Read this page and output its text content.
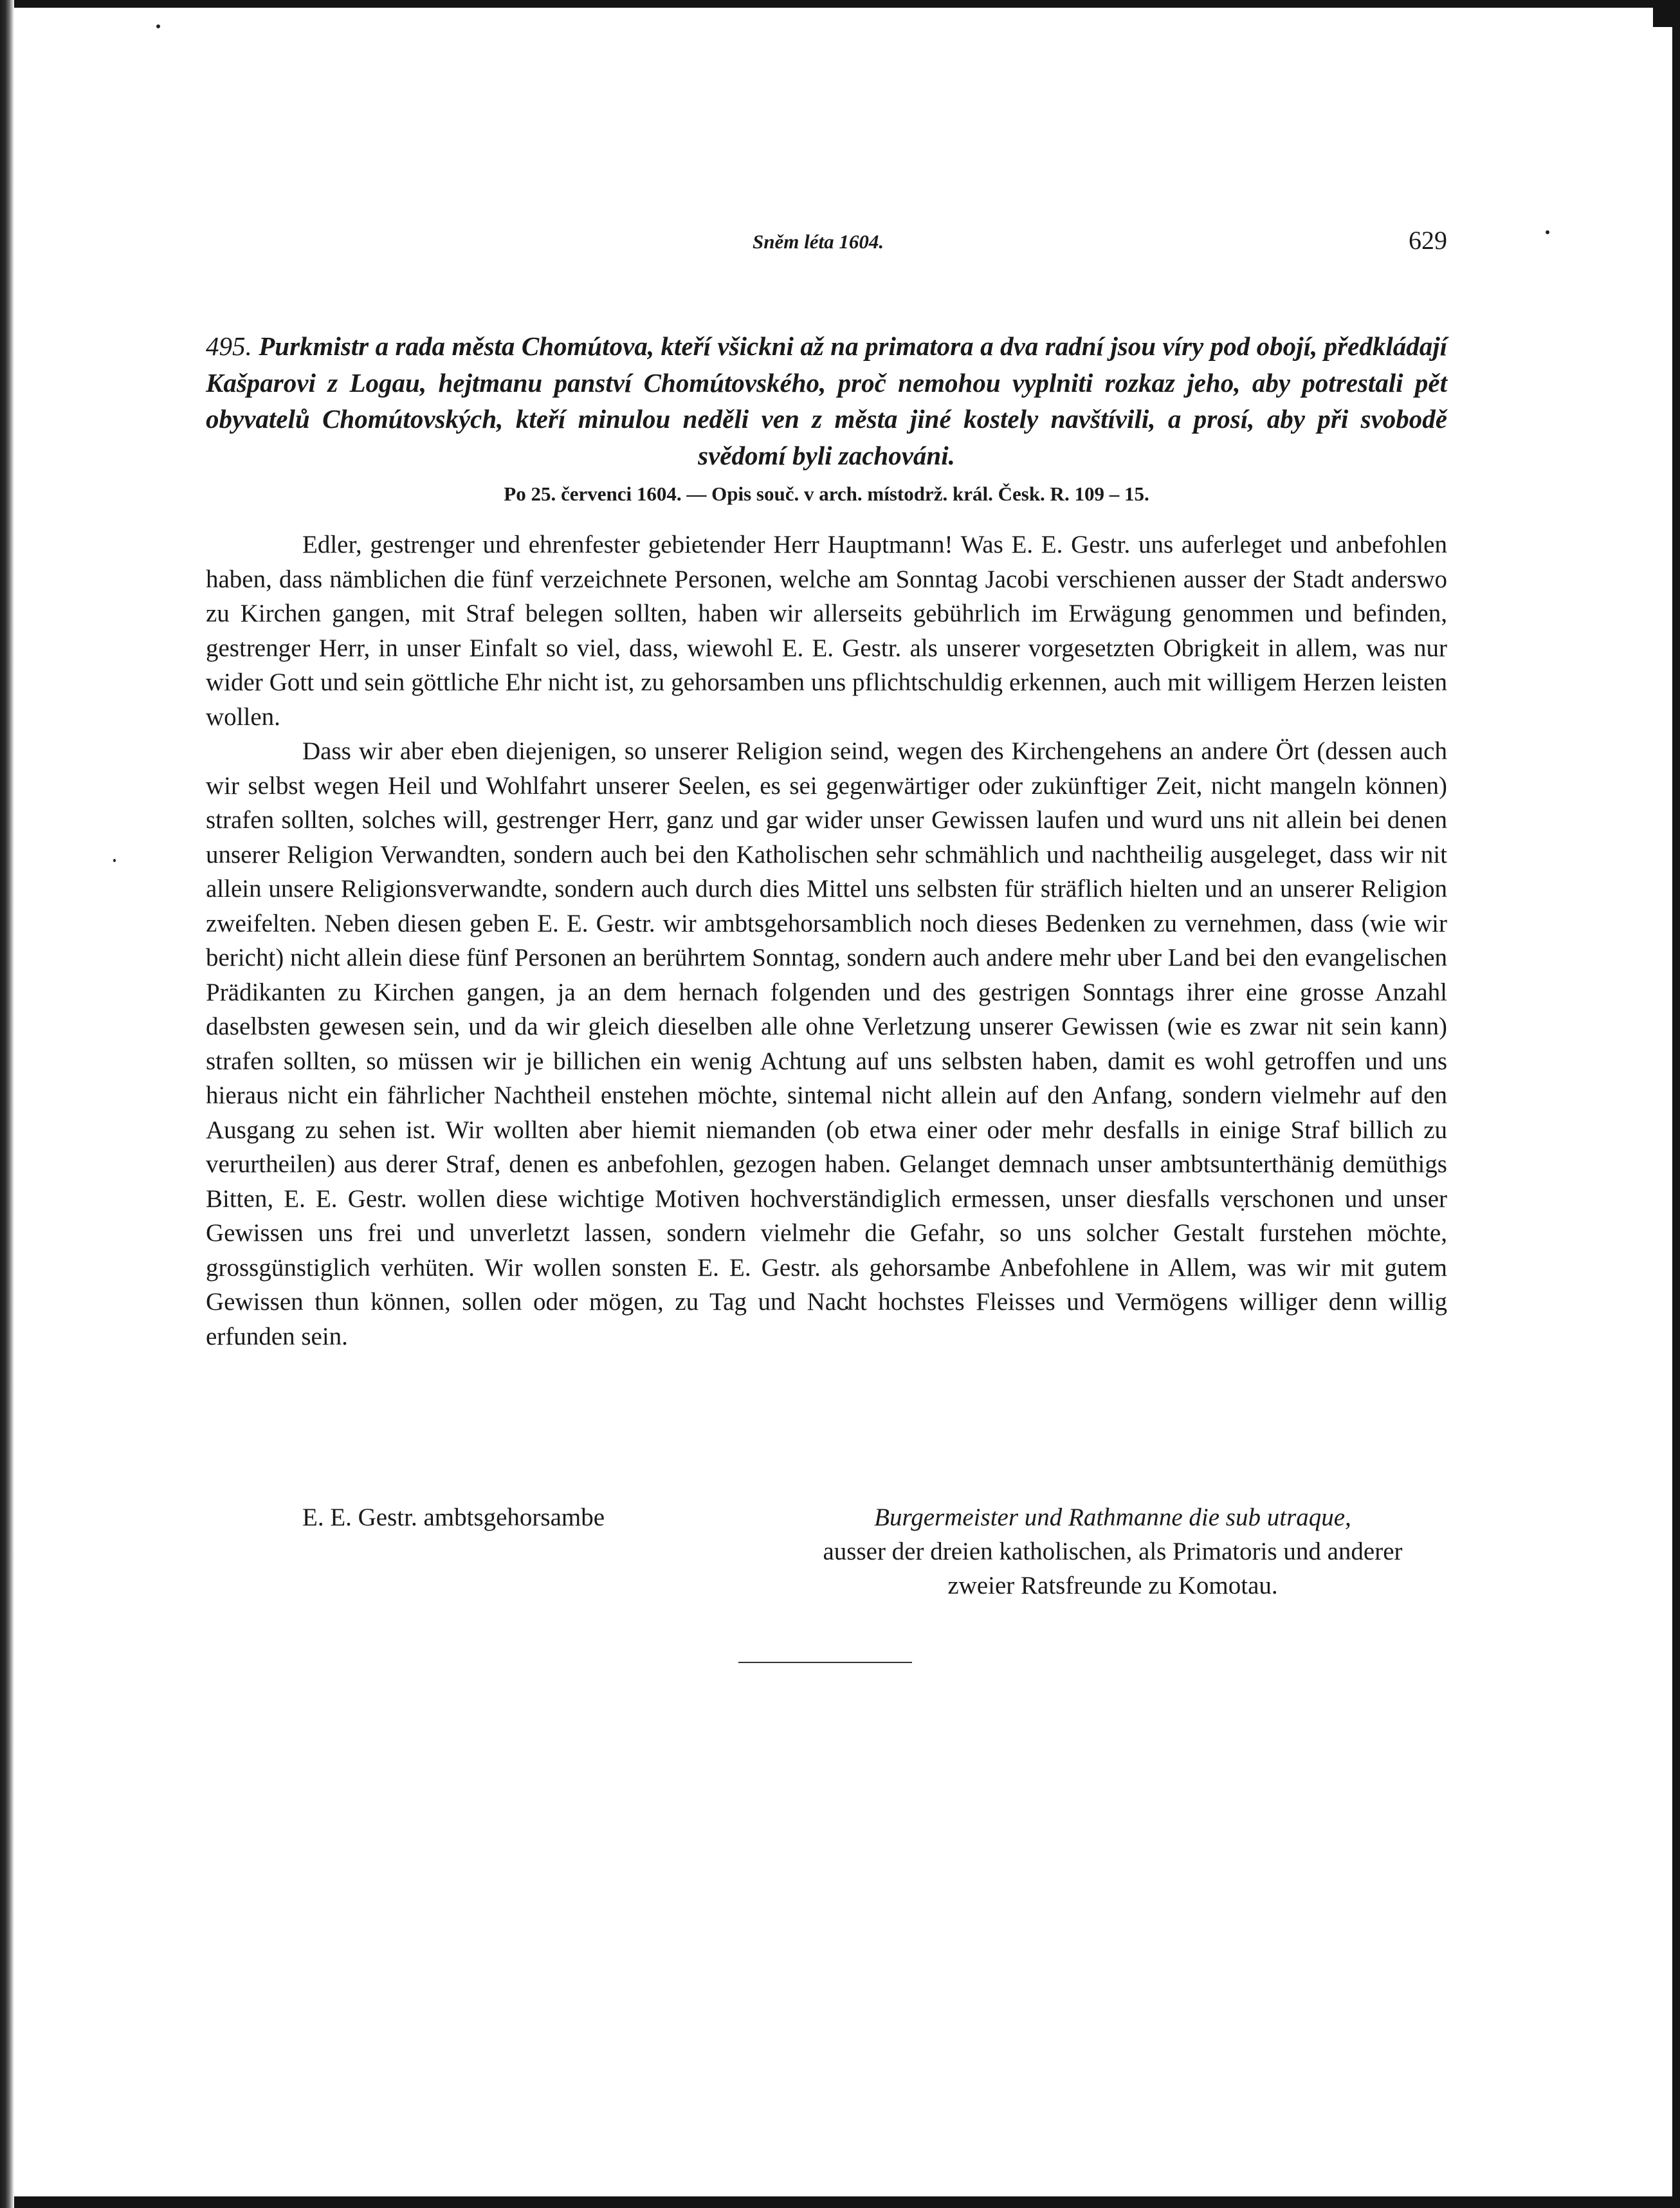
Sněm léta 1604.	629
495. Purkmistr a rada města Chomútova, kteří všickni až na primatora a dva radní jsou víry pod obojí, předkládají Kašparovi z Logau, hejtmanu panství Chomútovského, proč nemohou vyplniti rozkaz jeho, aby potrestali pět obyvatelů Chomútovských, kteří minulou neděli ven z města jiné kostely navštívili, a prosí, aby při svobodě svědomí byli zachováni.
Po 25. červenci 1604. — Opis souč. v arch. místodrž. král. Česk. R. 109 – 15.

Edler, gestrenger und ehrenfester gebietender Herr Hauptmann! Was E. E. Gestr. uns auferleget und anbefohlen haben, dass nämblichen die fünf verzeichnete Personen, welche am Sonntag Jacobi verschienen ausser der Stadt anderswo zu Kirchen gangen, mit Straf belegen sollten, haben wir allerseits gebührlich im Erwägung genommen und befinden, gestrenger Herr, in unser Einfalt so viel, dass, wiewohl E. E. Gestr. als unserer vorgesetzten Obrigkeit in allem, was nur wider Gott und sein göttliche Ehr nicht ist, zu gehorsamben uns pflichtschuldig erkennen, auch mit willigem Herzen leisten wollen.

Dass wir aber eben diejenigen, so unserer Religion seind, wegen des Kirchengehens an andere Ört (dessen auch wir selbst wegen Heil und Wohlfahrt unserer Seelen, es sei gegenwärtiger oder zukünftiger Zeit, nicht mangeln können) strafen sollten, solches will, gestrenger Herr, ganz und gar wider unser Gewissen laufen und wurd uns nit allein bei denen unserer Religion Verwandten, sondern auch bei den Katholischen sehr schmählich und nachtheilig ausgeleget, dass wir nit allein unsere Religionsverwandte, sondern auch durch dies Mittel uns selbsten für sträflich hielten und an unserer Religion zweifelten. Neben diesen geben E. E. Gestr. wir ambtsgehorsamblich noch dieses Bedenken zu vernehmen, dass (wie wir bericht) nicht allein diese fünf Personen an berührtem Sonntag, sondern auch andere mehr uber Land bei den evangelischen Prädikanten zu Kirchen gangen, ja an dem hernach folgenden und des gestrigen Sonntags ihrer eine grosse Anzahl daselbsten gewesen sein, und da wir gleich dieselben alle ohne Verletzung unserer Gewissen (wie es zwar nit sein kann) strafen sollten, so müssen wir je billichen ein wenig Achtung auf uns selbsten haben, damit es wohl getroffen und uns hieraus nicht ein fährlicher Nachtheil enstehen möchte, sintemal nicht allein auf den Anfang, sondern vielmehr auf den Ausgang zu sehen ist. Wir wollten aber hiemit niemanden (ob etwa einer oder mehr desfalls in einige Straf billich zu verurtheilen) aus derer Straf, denen es anbefohlen, gezogen haben. Gelanget demnach unser ambtsunterthänig demüthigs Bitten, E. E. Gestr. wollen diese wichtige Motiven hochverständiglich ermessen, unser diesfalls verschonen und unser Gewissen uns frei und unverletzt lassen, sondern vielmehr die Gefahr, so uns solcher Gestalt furstehen möchte, grossgünstiglich verhüten. Wir wollen sonsten E. E. Gestr. als gehorsambe Anbefohlene in Allem, was wir mit gutem Gewissen thun können, sollen oder mögen, zu Tag und Nacht hochstes Fleisses und Vermögens williger denn willig erfunden sein.

E. E. Gestr. ambtsgehorsambe	Burgermeister und Rathmanne die sub utraque,
ausser der dreien katholischen, als Primatoris und anderer
zweier Ratsfreunde zu Komotau.
